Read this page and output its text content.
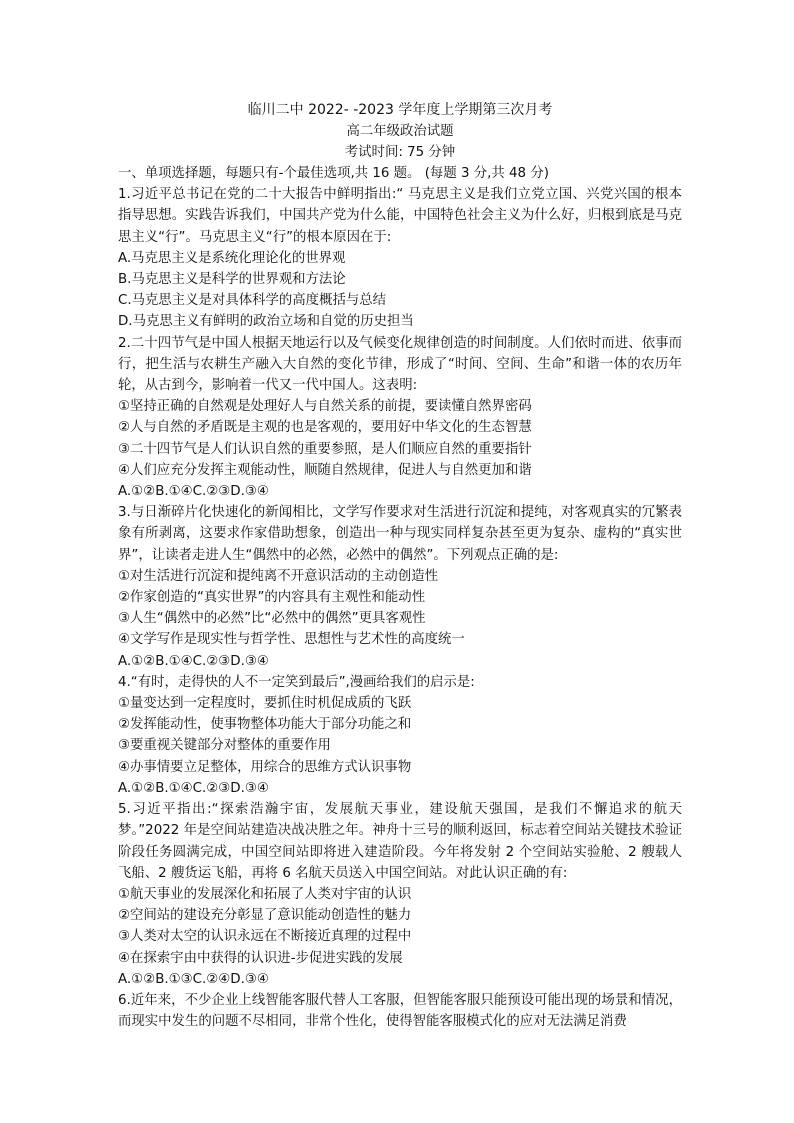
临川二中 2022- -2023 学年度上学期第三次月考
高二年级政治试题
考试时间: 75 分钟
一、单项选择题，每题只有-个最佳选项,共 16 题。 (每题 3 分,共 48 分)
1.习近平总书记在党的二十大报告中鲜明指出:“ 马克思主义是我们立党立国、兴党兴国的根本指导思想。实践告诉我们，中国共产党为什么能，中国特色社会主义为什么好，归根到底是马克思主义“行”。马克思主义“行”的根本原因在于:
A.马克思主义是系统化理论化的世界观
B.马克思主义是科学的世界观和方法论
C.马克思主义是对具体科学的高度概括与总结
D.马克思主义有鲜明的政治立场和自觉的历史担当
2.二十四节气是中国人根据天地运行以及气候变化规律创造的时间制度。人们依时而进、依事而行，把生活与农耕生产融入大自然的变化节律，形成了“时间、空间、生命”和谐一体的农历年轮，从古到今，影响着一代又一代中国人。这表明:
①坚持正确的自然观是处理好人与自然关系的前提，要读懂自然界密码
②人与自然的矛盾既是主观的也是客观的，要用好中华文化的生态智慧
③二十四节气是人们认识自然的重要参照，是人们顺应自然的重要指针
④人们应充分发挥主观能动性，顺随自然规律，促进人与自然更加和谐
A.①②B.①④C.②③D.③④
3.与日渐碎片化快速化的新闻相比，文学写作要求对生活进行沉淀和提纯，对客观真实的冗繁表象有所剥离，这要求作家借助想象，创造出一种与现实同样复杂甚至更为复杂、虚构的“真实世界”，让读者走进人生“偶然中的必然，必然中的偶然”。下列观点正确的是:
①对生活进行沉淀和提纯离不开意识活动的主动创造性
②作家创造的“真实世界”的内容具有主观性和能动性
③人生“偶然中的必然”比“必然中的偶然”更具客观性
④文学写作是现实性与哲学性、思想性与艺术性的高度统一
A.①②B.①④C.②③D.③④
4.“有时，走得快的人不一定笑到最后”,漫画给我们的启示是:
①量变达到一定程度时，要抓住时机促成质的飞跃
②发挥能动性，使事物整体功能大于部分功能之和
③要重视关键部分对整体的重要作用
④办事情要立足整体，用综合的思维方式认识事物
A.①②B.①④C.②③D.③④
5.习近平指出:“探索浩瀚宇宙，发展航天事业，建设航天强国，是我们不懈追求的航天梦。”2022 年是空间站建造决战决胜之年。神舟十三号的顺利返回，标志着空间站关键技术验证阶段任务圆满完成，中国空间站即将进入建造阶段。今年将发射 2 个空间站实验舱、2 艘载人飞船、2 艘货运飞船，再将 6 名航天员送入中国空间站。对此认识正确的有:
①航天事业的发展深化和拓展了人类对宇宙的认识
②空间站的建设充分彰显了意识能动创造性的魅力
③人类对太空的认识永远在不断接近真理的过程中
④在探索宇由中获得的认识进-步促进实践的发展
A.①②B.①③C.②④D.③④
6.近年来，不少企业上线智能客服代替人工客服，但智能客服只能预设可能出现的场景和情况，而现实中发生的问题不尽相同，非常个性化，使得智能客服模式化的应对无法满足消费
